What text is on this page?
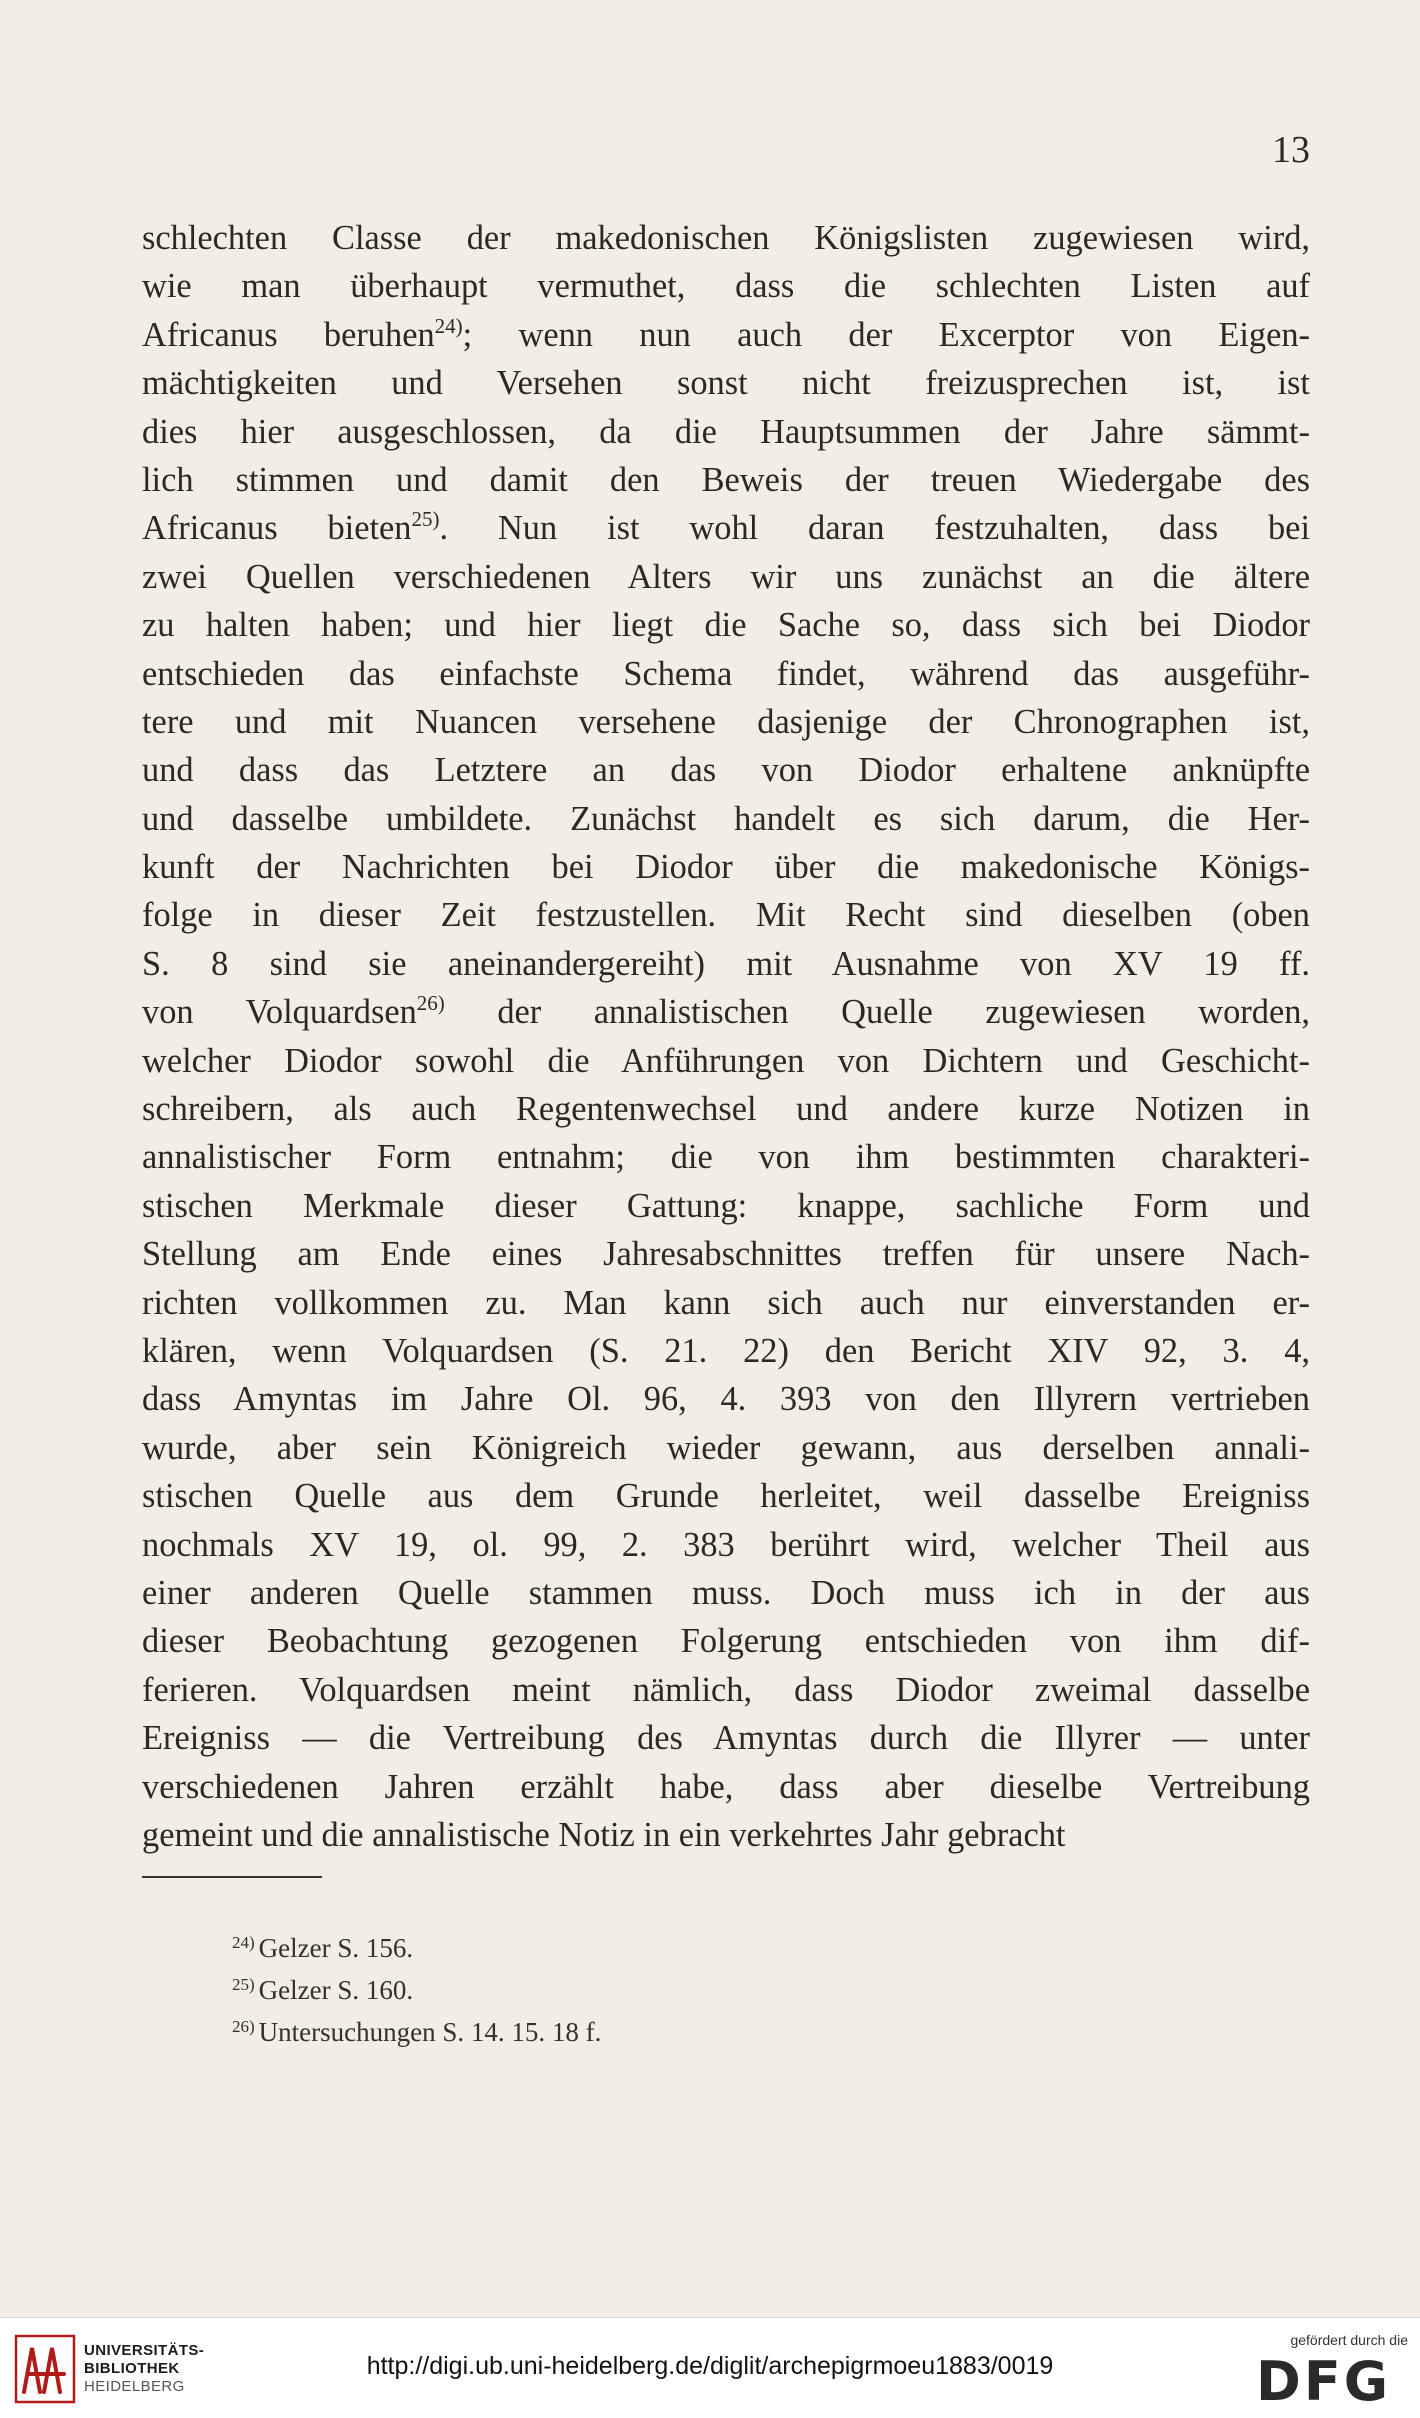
13
schlechten Classe der makedonischen Königslisten zugewiesen wird,
wie man überhaupt vermuthet, dass die schlechten Listen auf
Africanus beruhen$^{24)}$; wenn nun auch der Excerptor von Eigen-
mächtigkeiten und Versehen sonst nicht freizusprechen ist, ist
dies hier ausgeschlossen, da die Hauptsummen der Jahre sämmt-
lich stimmen und damit den Beweis der treuen Wiedergabe des
Africanus bieten$^{25)}$. Nun ist wohl daran festzuhalten, dass bei
zwei Quellen verschiedenen Alters wir uns zunächst an die ältere
zu halten haben; und hier liegt die Sache so, dass sich bei Diodor
entschieden das einfachste Schema findet, während das ausgeführ-
tere und mit Nuancen versehene dasjenige der Chronographen ist,
und dass das Letztere an das von Diodor erhaltene anknüpfte
und dasselbe umbildete. Zunächst handelt es sich darum, die Her-
kunft der Nachrichten bei Diodor über die makedonische Königs-
folge in dieser Zeit festzustellen. Mit Recht sind dieselben (oben
S. 8 sind sie aneinandergereiht) mit Ausnahme von XV 19 ff.
von Volquardsen$^{26)}$ der annalistischen Quelle zugewiesen worden,
welcher Diodor sowohl die Anführungen von Dichtern und Geschicht-
schreibern, als auch Regentenwechsel und andere kurze Notizen in
annalistischer Form entnahm; die von ihm bestimmten charakteri-
stischen Merkmale dieser Gattung: knappe, sachliche Form und
Stellung am Ende eines Jahresabschnittes treffen für unsere Nach-
richten vollkommen zu. Man kann sich auch nur einverstanden er-
klären, wenn Volquardsen (S. 21. 22) den Bericht XIV 92, 3. 4,
dass Amyntas im Jahre Ol. 96, 4. 393 von den Illyrern vertrieben
wurde, aber sein Königreich wieder gewann, aus derselben annali-
stischen Quelle aus dem Grunde herleitet, weil dasselbe Ereigniss
nochmals XV 19, ol. 99, 2. 383 berührt wird, welcher Theil aus
einer anderen Quelle stammen muss. Doch muss ich in der aus
dieser Beobachtung gezogenen Folgerung entschieden von ihm dif-
ferieren. Volquardsen meint nämlich, dass Diodor zweimal dasselbe
Ereigniss — die Vertreibung des Amyntas durch die Illyrer — unter
verschiedenen Jahren erzählt habe, dass aber dieselbe Vertreibung
gemeint und die annalistische Notiz in ein verkehrtes Jahr gebracht
$^{24)}$ Gelzer S. 156.
$^{25)}$ Gelzer S. 160.
$^{26)}$ Untersuchungen S. 14. 15. 18 f.
UNIVERSITÄTS-
BIBLIOTHEK
HEIDELBERG
http://digi.ub.uni-heidelberg.de/diglit/archepigrmoeu1883/0019
gefördert durch die
DFG
